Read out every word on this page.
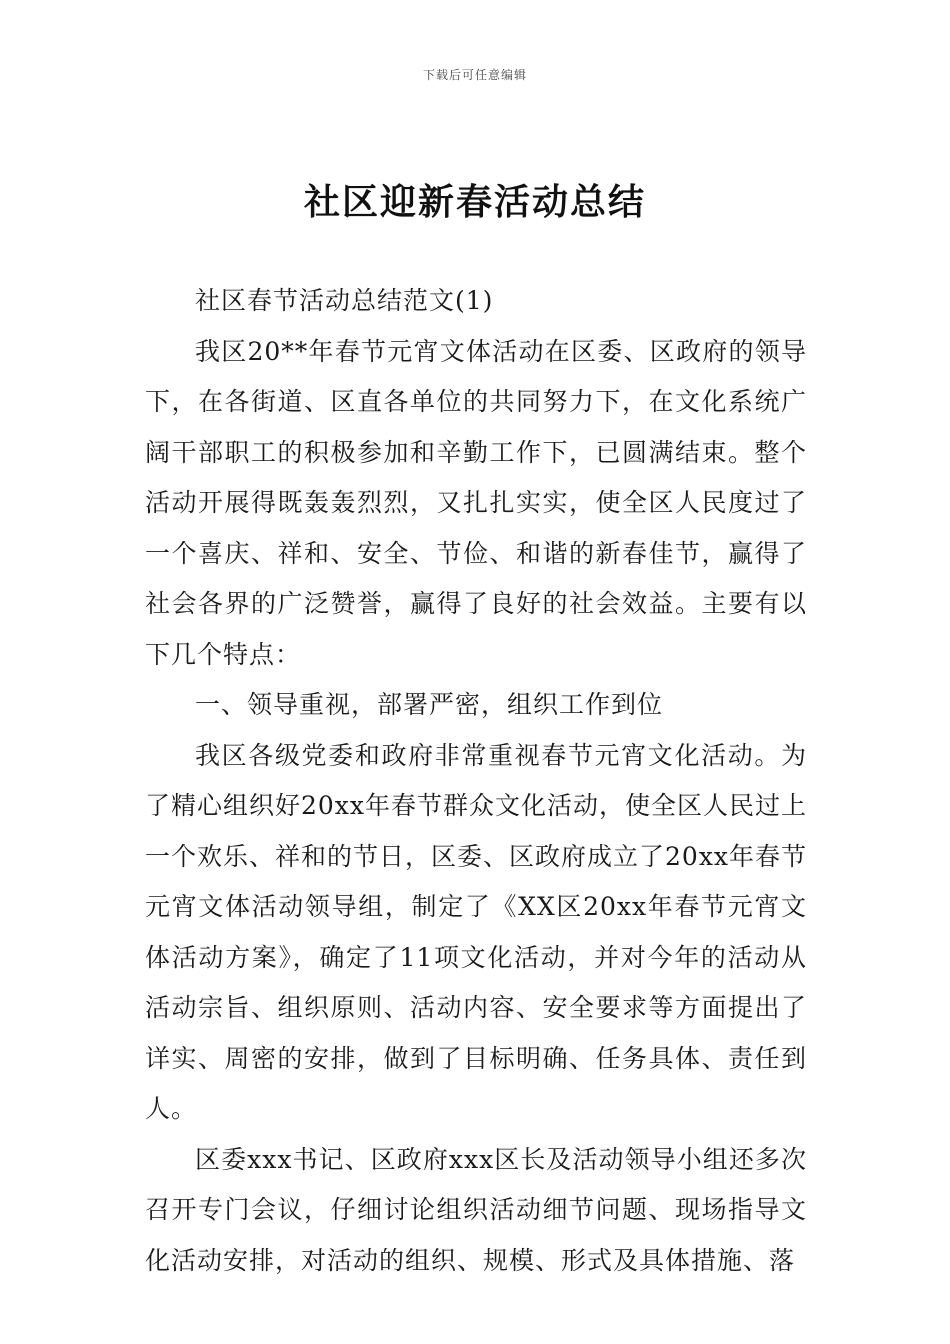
下载后可任意编辑
社区迎新春活动总结

社区春节活动总结范文(1)

我区20**年春节元宵文体活动在区委、区政府的领导下，在各街道、区直各单位的共同努力下，在文化系统广阔干部职工的积极参加和辛勤工作下，已圆满结束。整个活动开展得既轰轰烈烈，又扎扎实实，使全区人民度过了一个喜庆、祥和、安全、节俭、和谐的新春佳节，赢得了社会各界的广泛赞誉，赢得了良好的社会效益。主要有以下几个特点：

一、领导重视，部署严密，组织工作到位

我区各级党委和政府非常重视春节元宵文化活动。为了精心组织好20xx年春节群众文化活动，使全区人民过上一个欢乐、祥和的节日，区委、区政府成立了20xx年春节元宵文体活动领导组，制定了《XX区20xx年春节元宵文体活动方案》，确定了11项文化活动，并对今年的活动从活动宗旨、组织原则、活动内容、安全要求等方面提出了详实、周密的安排，做到了目标明确、任务具体、责任到人。

区委xxx书记、区政府xxx区长及活动领导小组还多次召开专门会议，仔细讨论组织活动细节问题、现场指导文化活动安排，对活动的组织、规模、形式及具体措施、落
